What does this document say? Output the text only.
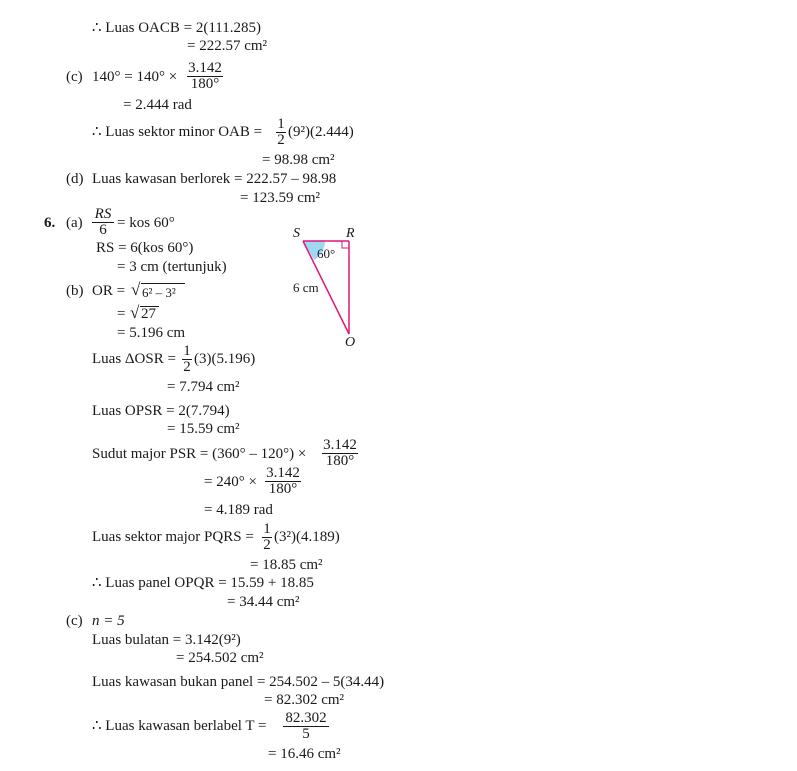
∴ Luas OACB = 2(111.285)
= 222.57 cm²
(c) $140^\circ = 140^\circ \times \frac{3.142}{180^\circ}$
= 2.444 rad
∴ Luas sektor minor OAB = $\frac{1}{2} (9^2)(2.444)$
= 98.98 cm²
(d) Luas kawasan berlorek = 222.57 – 98.98
= 123.59 cm²
6. $(a) \frac{RS}{6}$ = kos 60°
RS = 6(kos 60°)
= 3 cm (tertunjuk)
(b) OR = √ 6² – 3²
= √ 27
= 5.196 cm
Luas $\Delta OSR = \frac{1}{2} (3)(5.196)$
= 7.794 cm²
Luas OPSR = 2(7.794)
= 15.59 cm²
Sudut major PSR = $(360^\circ - 120^\circ) \times \frac{3.142}{180^\circ}$
= $240^\circ \times \frac{3.142}{180^\circ}$
= 4.189 rad
Luas sektor major PQRS = $\frac{1}{2} (3^2)(4.189)$
= 18.85 cm²
∴ Luas panel OPQR = 15.59 + 18.85
= 34.44 cm²
(c) n = 5
Luas bulatan = 3.142(9²)
= 254.502 cm²
Luas kawasan bukan panel = 254.502 – 5(34.44)
= 82.302 cm²
∴ Luas kawasan berlabel $T = \frac{82.302}{5}$
= 16.46 cm²
S	R
O
60°
6 cm
